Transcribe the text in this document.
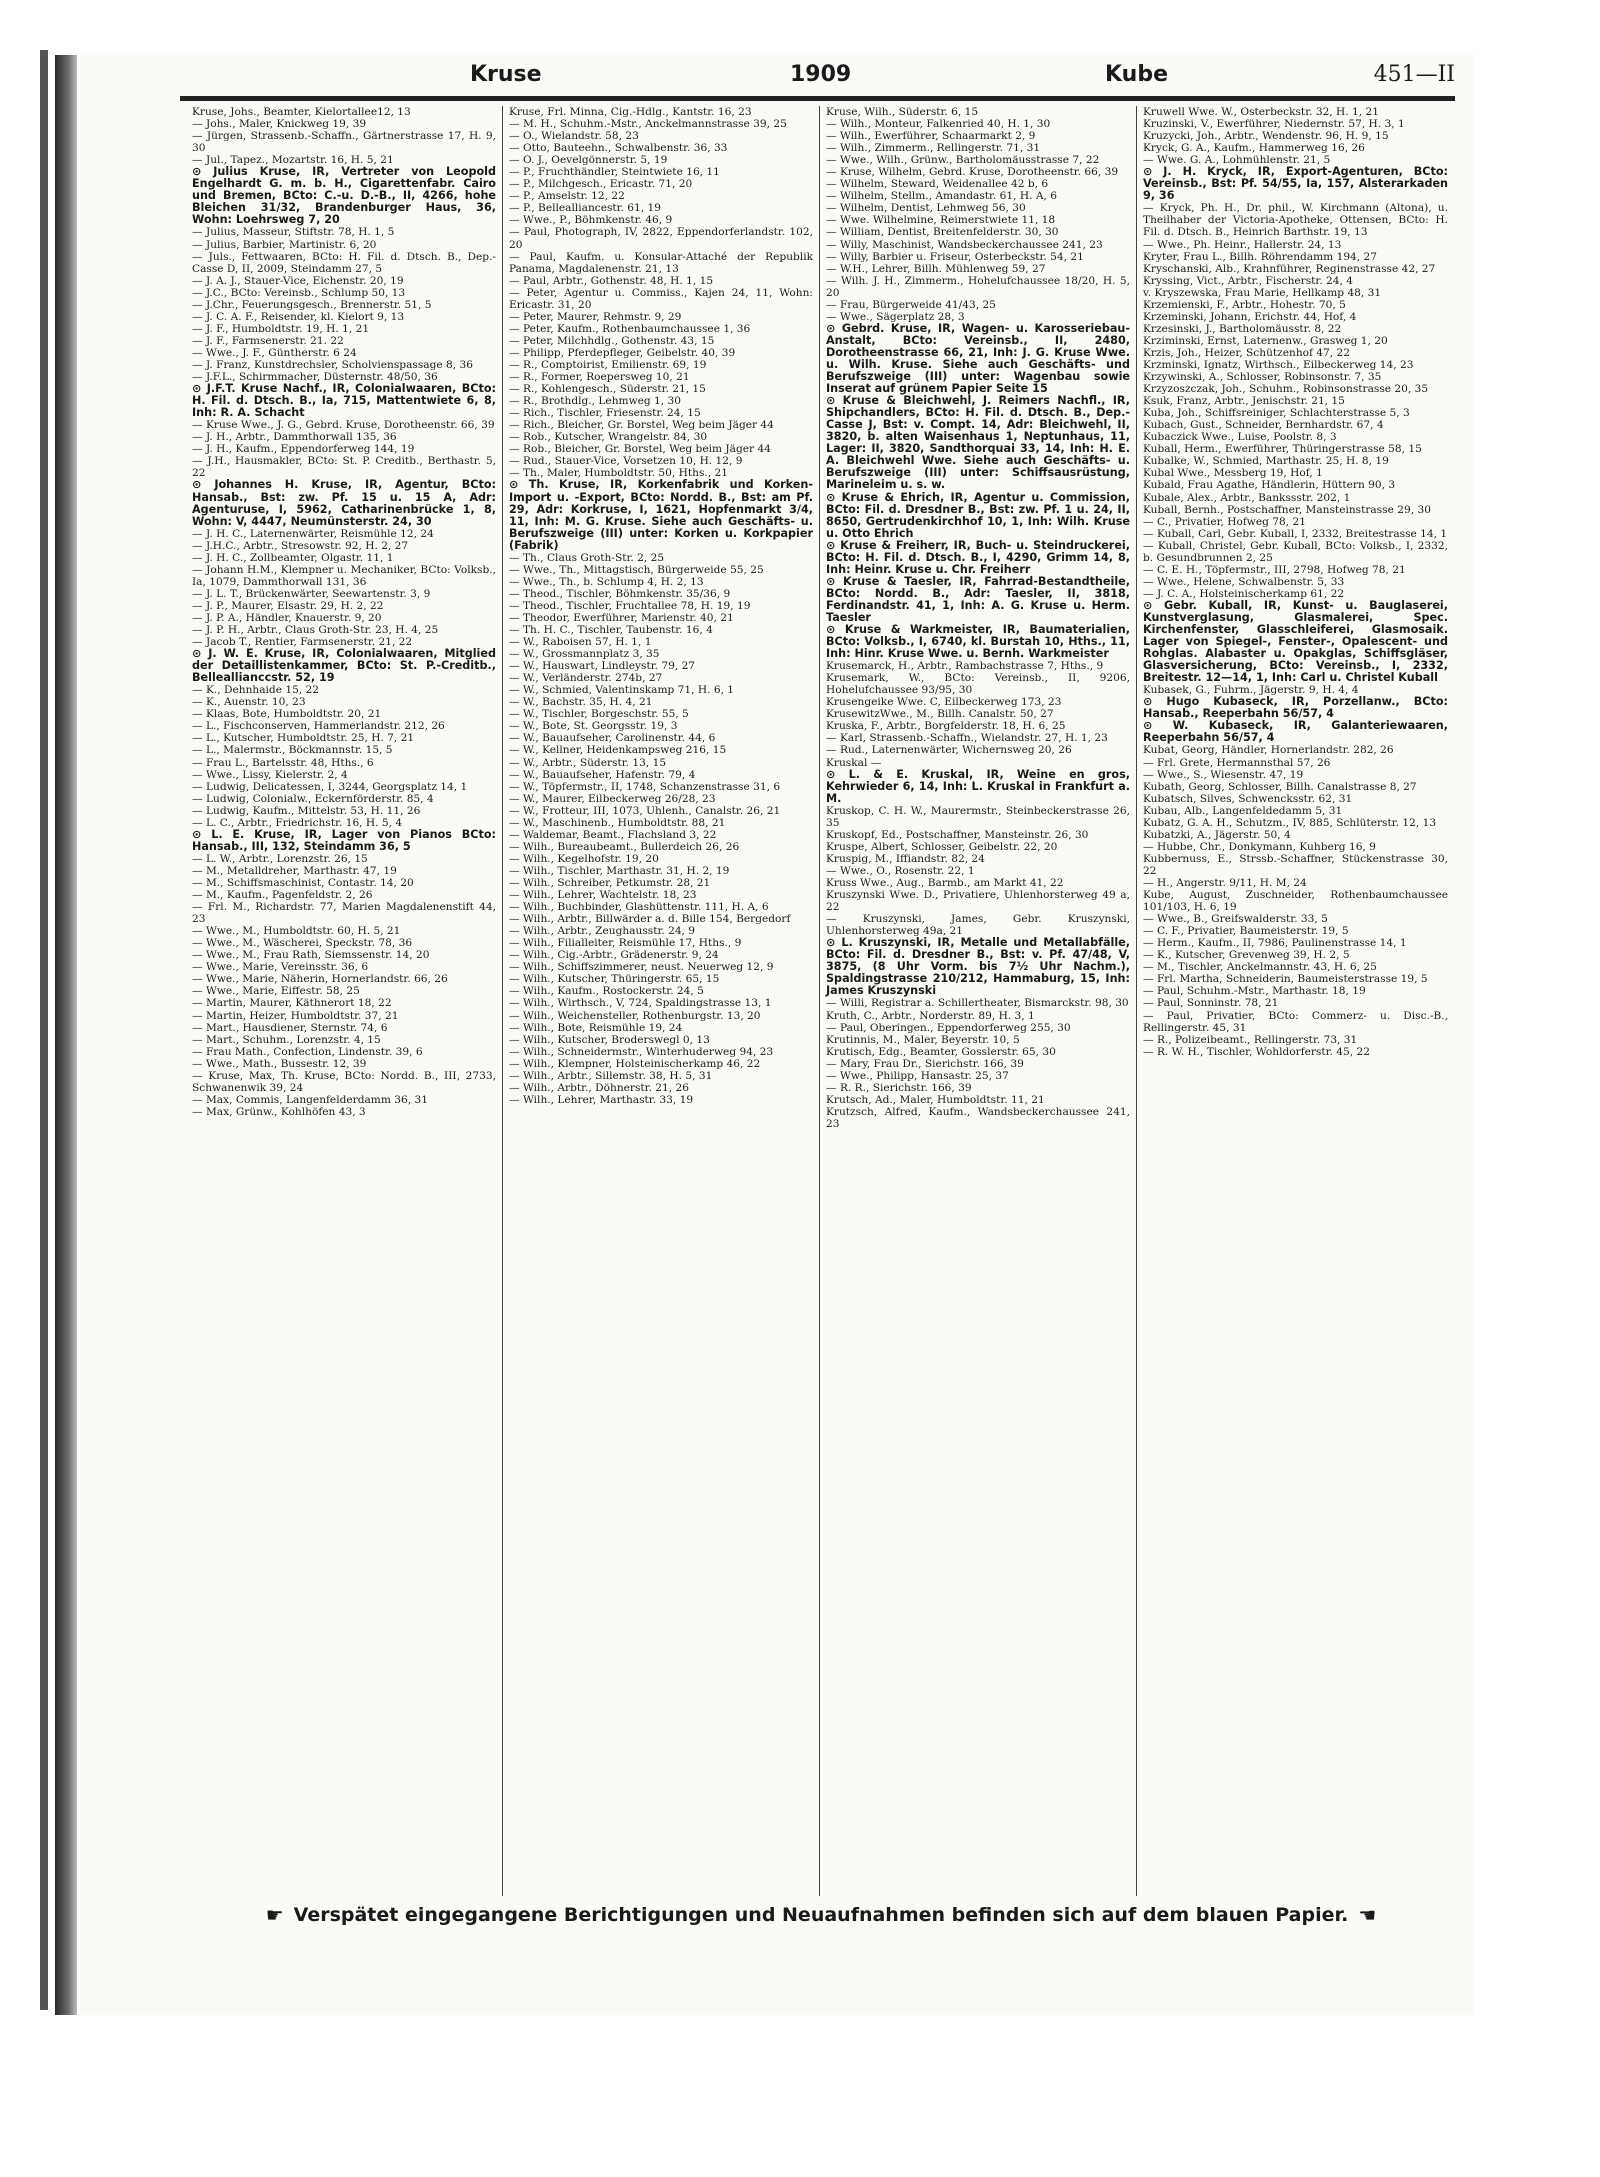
Kruse	1909	Kube	451—II

Kruse, Johs., Beamter, Kielortallee12, 13

— Johs., Maler, Knickweg 19, 39

— Jürgen, Strassenb.-Schaffn., Gärtnerstrasse 17, H. 9, 30

— Jul., Tapez., Mozartstr. 16, H. 5, 21

⊙ Julius Kruse, IR, Vertreter von Leopold Engelhardt G. m. b. H., Cigarettenfabr. Cairo und Bremen, BCto: C.-u. D.-B., II, 4266, hohe Bleichen 31/32, Brandenburger Haus, 36, Wohn: Loehrsweg 7, 20

— Julius, Masseur, Stiftstr. 78, H. 1, 5

— Julius, Barbier, Martinistr. 6, 20

— Juls., Fettwaaren, BCto: H. Fil. d. Dtsch. B., Dep.-Casse D, II, 2009, Steindamm 27, 5

— J. A. J., Stauer-Vice, Eichenstr. 20, 19

— J.C., BCto: Vereinsb., Schlump 50, 13

— J.Chr., Feuerungsgesch., Brennerstr. 51, 5

— J. C. A. F., Reisender, kl. Kielort 9, 13

— J. F., Humboldtstr. 19, H. 1, 21

— J. F., Farmsenerstr. 21. 22

— Wwe., J. F., Güntherstr. 6 24

— J. Franz, Kunstdrechsler, Scholvienspassage 8, 36

— J.F.L., Schirmmacher, Düsternstr. 48/50, 36

⊙ J.F.T. Kruse Nachf., IR, Colonialwaaren, BCto: H. Fil. d. Dtsch. B., Ia, 715, Mattentwiete 6, 8, Inh: R. A. Schacht

— Kruse Wwe., J. G., Gebrd. Kruse, Dorotheenstr. 66, 39

— J. H., Arbtr., Dammthorwall 135, 36

— J. H., Kaufm., Eppendorferweg 144, 19

— J.H., Hausmakler, BCto: St. P. Creditb., Berthastr. 5, 22

⊙ Johannes H. Kruse, IR, Agentur, BCto: Hansab., Bst: zw. Pf. 15 u. 15 A, Adr: Agenturuse, I, 5962, Catharinenbrücke 1, 8, Wohn: V, 4447, Neumünsterstr. 24, 30

— J. H. C., Laternenwärter, Reismühle 12, 24

— J.H.C., Arbtr., Stresowstr. 92, H. 2, 27

— J. H. C., Zollbeamter, Olgastr. 11, 1

— Johann H.M., Klempner u. Mechaniker, BCto: Volksb., Ia, 1079, Dammthorwall 131, 36

— J. L. T., Brückenwärter, Seewartenstr. 3, 9

— J. P., Maurer, Elsastr. 29, H. 2, 22

— J. P. A., Händler, Knauerstr. 9, 20

— J. P. H., Arbtr., Claus Groth-Str. 23, H. 4, 25

— Jacob T., Rentier, Farmsenerstr. 21, 22

⊙ J. W. E. Kruse, IR, Colonialwaaren, Mitglied der Detaillistenkammer, BCto: St. P.-Creditb., Belleallianccstr. 52, 19

— K., Dehnhaide 15, 22

— K., Auenstr. 10, 23

— Klaas, Bote, Humboldtstr. 20, 21

— L., Fischconserven, Hammerlandstr. 212, 26

— L., Kutscher, Humboldtstr. 25, H. 7, 21

— L., Malermstr., Böckmannstr. 15, 5

— Frau L., Bartelsstr. 48, Hths., 6

— Wwe., Lissy, Kielerstr. 2, 4

— Ludwig, Delicatessen, I, 3244, Georgsplatz 14, 1

— Ludwig, Colonialw., Eckernförderstr. 85, 4

— Ludwig, Kaufm., Mittelstr. 53, H. 11, 26

— L. C., Arbtr., Friedrichstr. 16, H. 5, 4

⊙ L. E. Kruse, IR, Lager von Pianos BCto: Hansab., III, 132, Steindamm 36, 5

— L. W., Arbtr., Lorenzstr. 26, 15

— M., Metalldreher, Marthastr. 47, 19

— M., Schiffsmaschinist, Contastr. 14, 20

— M., Kaufm., Pagenfeldstr. 2, 26

— Frl. M., Richardstr. 77, Marien Magdalenenstift 44, 23

— Wwe., M., Humboldtstr. 60, H. 5, 21

— Wwe., M., Wäscherei, Speckstr. 78, 36

— Wwe., M., Frau Rath, Siemssenstr. 14, 20

— Wwe., Marie, Vereinsstr. 36, 6

— Wwe., Marie, Näherin, Hornerlandstr. 66, 26

— Wwe., Marie, Eiffestr. 58, 25

— Martin, Maurer, Käthnerort 18, 22

— Martin, Heizer, Humboldtstr. 37, 21

— Mart., Hausdiener, Sternstr. 74, 6

— Mart., Schuhm., Lorenzstr. 4, 15

— Frau Math., Confection, Lindenstr. 39, 6

— Wwe., Math., Bussestr. 12, 39

— Kruse, Max, Th. Kruse, BCto: Nordd. B., III, 2733, Schwanenwik 39, 24

— Max, Commis, Langenfelderdamm 36, 31

— Max, Grünw., Kohlhöfen 43, 3

Kruse, Frl. Minna, Cig.-Hdlg., Kantstr. 16, 23

— M. H., Schuhm.-Mstr., Anckelmannstrasse 39, 25

— O., Wielandstr. 58, 23

— Otto, Bauteehn., Schwalbenstr. 36, 33

— O. J., Oevelgönnerstr. 5, 19

— P., Fruchthändler, Steintwiete 16, 11

— P., Milchgesch., Ericastr. 71, 20

— P., Amselstr. 12, 22

— P., Bellealliancestr. 61, 19

— Wwe., P., Böhmkenstr. 46, 9

— Paul, Photograph, IV, 2822, Eppendorferlandstr. 102, 20

— Paul, Kaufm. u. Konsular-Attaché der Republik Panama, Magdalenenstr. 21, 13

— Paul, Arbtr., Gothenstr. 48, H. 1, 15

— Peter, Agentur u. Commiss., Kajen 24, 11, Wohn: Ericastr. 31, 20

— Peter, Maurer, Rehmstr. 9, 29

— Peter, Kaufm., Rothenbaumchaussee 1, 36

— Peter, Milchhdlg., Gothenstr. 43, 15

— Philipp, Pferdepfleger, Geibelstr. 40, 39

— R., Comptoirist, Emilienstr. 69, 19

— R., Former, Roepersweg 10, 21

— R., Kohlengesch., Süderstr. 21, 15

— R., Brothdlg., Lehmweg 1, 30

— Rich., Tischler, Friesenstr. 24, 15

— Rich., Bleicher, Gr. Borstel, Weg beim Jäger 44

— Rob., Kutscher, Wrangelstr. 84, 30

— Rob., Bleicher, Gr. Borstel, Weg beim Jäger 44

— Rud., Stauer-Vice, Vorsetzen 10, H. 12, 9

— Th., Maler, Humboldtstr. 50, Hths., 21

⊙ Th. Kruse, IR, Korkenfabrik und Korken-Import u. -Export, BCto: Nordd. B., Bst: am Pf. 29, Adr: Korkruse, I, 1621, Hopfenmarkt 3/4, 11, Inh: M. G. Kruse. Siehe auch Geschäfts- u. Berufszweige (III) unter: Korken u. Korkpapier (Fabrik)

— Th., Claus Groth-Str. 2, 25

— Wwe., Th., Mittagstisch, Bürgerweide 55, 25

— Wwe., Th., b. Schlump 4, H. 2, 13

— Theod., Tischler, Böhmkenstr. 35/36, 9

— Theod., Tischler, Fruchtallee 78, H. 19, 19

— Theodor, Ewerführer, Marienstr. 40, 21

— Th. H. C., Tischler, Taubenstr. 16, 4

— W., Raboisen 57, H. 1, 1

— W., Grossmannplatz 3, 35

— W., Hauswart, Lindleystr. 79, 27

— W., Verländerstr. 274b, 27

— W., Schmied, Valentinskamp 71, H. 6, 1

— W., Bachstr. 35, H. 4, 21

— W., Tischler, Borgeschstr. 55, 5

— W., Bote, St. Georgsstr. 19, 3

— W., Bauaufseher, Carolinenstr. 44, 6

— W., Kellner, Heidenkampsweg 216, 15

— W., Arbtr., Süderstr. 13, 15

— W., Bauaufseher, Hafenstr. 79, 4

— W., Töpfermstr., II, 1748, Schanzenstrasse 31, 6

— W., Maurer, Eilbeckerweg 26/28, 23

— W., Frotteur, III, 1073, Uhlenh., Canalstr. 26, 21

— W., Maschinenb., Humboldtstr. 88, 21

— Waldemar, Beamt., Flachsland 3, 22

— Wilh., Bureaubeamt., Bullerdeich 26, 26

— Wilh., Kegelhofstr. 19, 20

— Wilh., Tischler, Marthastr. 31, H. 2, 19

— Wilh., Schreiber, Petkumstr. 28, 21

— Wilh., Lehrer, Wachtelstr. 18, 23

— Wilh., Buchbinder, Glashüttenstr. 111, H. A, 6

— Wilh., Arbtr., Billwärder a. d. Bille 154, Bergedorf

— Wilh., Arbtr., Zeughausstr. 24, 9

— Wilh., Filialleiter, Reismühle 17, Hths., 9

— Wilh., Cig.-Arbtr., Grädenerstr. 9, 24

— Wilh., Schiffszimmerer, neust. Neuerweg 12, 9

— Wilh., Kutscher, Thüringerstr. 65, 15

— Wilh., Kaufm., Rostockerstr. 24, 5

— Wilh., Wirthsch., V, 724, Spaldingstrasse 13, 1

— Wilh., Weichensteller, Rothenburgstr. 13, 20

— Wilh., Bote, Reismühle 19, 24

— Wilh., Kutscher, Broderswegl 0, 13

— Wilh., Schneidermstr., Winterhuderweg 94, 23

— Wilh., Klempner, Holsteinischerkamp 46, 22

— Wilh., Arbtr., Sillemstr. 38, H. 5, 31

— Wilh., Arbtr., Döhnerstr. 21, 26

— Wilh., Lehrer, Marthastr. 33, 19

Kruse, Wilh., Süderstr. 6, 15

— Wilh., Monteur, Falkenried 40, H. 1, 30

— Wilh., Ewerführer, Schaarmarkt 2, 9

— Wilh., Zimmerm., Rellingerstr. 71, 31

— Wwe., Wilh., Grünw., Bartholomäusstrasse 7, 22

— Kruse, Wilhelm, Gebrd. Kruse, Dorotheenstr. 66, 39

— Wilhelm, Steward, Weidenallee 42 b, 6

— Wilhelm, Stellm., Amandastr. 61, H. A, 6

— Wilhelm, Dentist, Lehmweg 56, 30

— Wwe. Wilhelmine, Reimerstwiete 11, 18

— William, Dentist, Breitenfelderstr. 30, 30

— Willy, Maschinist, Wandsbeckerchaussee 241, 23

— Willy, Barbier u. Friseur, Osterbeckstr. 54, 21

— W.H., Lehrer, Billh. Mühlenweg 59, 27

— Wilh. J. H., Zimmerm., Hohelufchaussee 18/20, H. 5, 20

— Frau, Bürgerweide 41/43, 25

— Wwe., Sägerplatz 28, 3

⊙ Gebrd. Kruse, IR, Wagen- u. Karosseriebau-Anstalt, BCto: Vereinsb., II, 2480, Dorotheenstrasse 66, 21, Inh: J. G. Kruse Wwe. u. Wilh. Kruse. Siehe auch Geschäfts- und Berufszweige (III) unter: Wagenbau sowie Inserat auf grünem Papier Seite 15

⊙ Kruse & Bleichwehl, J. Reimers Nachfl., IR, Shipchandlers, BCto: H. Fil. d. Dtsch. B., Dep.-Casse J, Bst: v. Compt. 14, Adr: Bleichwehl, II, 3820, b. alten Waisenhaus 1, Neptunhaus, 11, Lager: II, 3820, Sandthorquai 33, 14, Inh: H. E. A. Bleichwehl Wwe. Siehe auch Geschäfts- u. Berufszweige (III) unter: Schiffsausrüstung, Marineleim u. s. w.

⊙ Kruse & Ehrich, IR, Agentur u. Commission, BCto: Fil. d. Dresdner B., Bst: zw. Pf. 1 u. 24, II, 8650, Gertrudenkirchhof 10, 1, Inh: Wilh. Kruse u. Otto Ehrich

⊙ Kruse & Freiherr, IR, Buch- u. Steindruckerei, BCto: H. Fil. d. Dtsch. B., I, 4290, Grimm 14, 8, Inh: Heinr. Kruse u. Chr. Freiherr

⊙ Kruse & Taesler, IR, Fahrrad-Bestandtheile, BCto: Nordd. B., Adr: Taesler, II, 3818, Ferdinandstr. 41, 1, Inh: A. G. Kruse u. Herm. Taesler

⊙ Kruse & Warkmeister, IR, Baumaterialien, BCto: Volksb., I, 6740, kl. Burstah 10, Hths., 11, Inh: Hinr. Kruse Wwe. u. Bernh. Warkmeister

Krusemarck, H., Arbtr., Rambachstrasse 7, Hths., 9

Krusemark, W., BCto: Vereinsb., II, 9206, Hohelufchaussee 93/95, 30

Krusengeike Wwe. C, Eilbeckerweg 173, 23

KrusewitzWwe., M., Billh. Canalstr. 50, 27

Kruska, F., Arbtr., Borgfelderstr. 18, H. 6, 25

— Karl, Strassenb.-Schaffn., Wielandstr. 27, H. 1, 23

— Rud., Laternenwärter, Wichernsweg 20, 26

Kruskal —

⊙ L. & E. Kruskal, IR, Weine en gros, Kehrwieder 6, 14, Inh: L. Kruskal in Frankfurt a. M.

Kruskop, C. H. W., Maurermstr., Steinbeckerstrasse 26, 35

Kruskopf, Ed., Postschaffner, Mansteinstr. 26, 30

Kruspe, Albert, Schlosser, Geibelstr. 22, 20

Kruspig, M., Iffiandstr. 82, 24

— Wwe., O., Rosenstr. 22, 1

Kruss Wwe., Aug., Barmb., am Markt 41, 22

Kruszynski Wwe. D., Privatiere, Uhlenhorsterweg 49 a, 22

— Kruszynski, James, Gebr. Kruszynski, Uhlenhorsterweg 49a, 21

⊙ L. Kruszynski, IR, Metalle und Metallabfälle, BCto: Fil. d. Dresdner B., Bst: v. Pf. 47/48, V, 3875, (8 Uhr Vorm. bis 7½ Uhr Nachm.), Spaldingstrasse 210/212, Hammaburg, 15, Inh: James Kruszynski

— Willi, Registrar a. Schillertheater, Bismarckstr. 98, 30

Kruth, C., Arbtr., Norderstr. 89, H. 3, 1

— Paul, Oberingen., Eppendorferweg 255, 30

Krutinnis, M., Maler, Beyerstr. 10, 5

Krutisch, Edg., Beamter, Gosslerstr. 65, 30

— Mary, Frau Dr., Sierichstr. 166, 39

— Wwe., Philipp, Hansastr. 25, 37

— R. R., Sierichstr. 166, 39

Krutsch, Ad., Maler, Humboldtstr. 11, 21

Krutzsch, Alfred, Kaufm., Wandsbeckerchaussee 241, 23

Kruwell Wwe. W., Osterbeckstr. 32, H. 1, 21

Kruzinski, V., Ewerführer, Niedernstr. 57, H. 3, 1

Kruzycki, Joh., Arbtr., Wendenstr. 96, H. 9, 15

Kryck, G. A., Kaufm., Hammerweg 16, 26

— Wwe. G. A., Lohmühlenstr. 21, 5

⊙ J. H. Kryck, IR, Export-Agenturen, BCto: Vereinsb., Bst: Pf. 54/55, Ia, 157, Alsterarkaden 9, 36

— Kryck, Ph. H., Dr. phil., W. Kirchmann (Altona), u. Theilhaber der Victoria-Apotheke, Ottensen, BCto: H. Fil. d. Dtsch. B., Heinrich Barthstr. 19, 13

— Wwe., Ph. Heinr., Hallerstr. 24, 13

Kryter, Frau L., Billh. Röhrendamm 194, 27

Kryschanski, Alb., Krahnführer, Reginenstrasse 42, 27

Kryssing, Vict., Arbtr., Fischerstr. 24, 4

v. Kryszewska, Frau Marie, Hellkamp 48, 31

Krzemienski, F., Arbtr., Hohestr. 70, 5

Krzeminski, Johann, Erichstr. 44, Hof, 4

Krzesinski, J., Bartholomäusstr. 8, 22

Krziminski, Ernst, Laternenw., Grasweg 1, 20

Krzis, Joh., Heizer, Schützenhof 47, 22

Krzminski, Ignatz, Wirthsch., Eilbeckerweg 14, 23

Krzywinski, A., Schlosser, Robinsonstr. 7, 35

Krzyzoszczak, Joh., Schuhm., Robinsonstrasse 20, 35

Ksuk, Franz, Arbtr., Jenischstr. 21, 15

Kuba, Joh., Schiffsreiniger, Schlachterstrasse 5, 3

Kubach, Gust., Schneider, Bernhardstr. 67, 4

Kubaczick Wwe., Luise, Poolstr. 8, 3

Kuball, Herm., Ewerführer, Thüringerstrasse 58, 15

Kubalke, W., Schmied, Marthastr. 25, H. 8, 19

Kubal Wwe., Messberg 19, Hof, 1

Kubald, Frau Agathe, Händlerin, Hüttern 90, 3

Kubale, Alex., Arbtr., Bankssstr. 202, 1

Kuball, Bernh., Postschaffner, Mansteinstrasse 29, 30

— C., Privatier, Hofweg 78, 21

— Kuball, Carl, Gebr. Kuball, I, 2332, Breitestrasse 14, 1

— Kuball, Christel, Gebr. Kuball, BCto: Volksb., I, 2332, b. Gesundbrunnen 2, 25

— C. E. H., Töpfermstr., III, 2798, Hofweg 78, 21

— Wwe., Helene, Schwalbenstr. 5, 33

— J. C. A., Holsteinischerkamp 61, 22

⊙ Gebr. Kuball, IR, Kunst- u. Bauglaserei, Kunstverglasung, Glasmalerei, Spec. Kirchenfenster, Glasschleiferei, Glasmosaik. Lager von Spiegel-, Fenster-, Opalescent- und Rohglas. Alabaster u. Opakglas, Schiffsgläser, Glasversicherung, BCto: Vereinsb., I, 2332, Breitestr. 12—14, 1, Inh: Carl u. Christel Kuball

Kubasek, G., Fuhrm., Jägerstr. 9, H. 4, 4

⊙ Hugo Kubaseck, IR, Porzellanw., BCto: Hansab., Reeperbahn 56/57, 4

⊙ W. Kubaseck, IR, Galanteriewaaren, Reeperbahn 56/57, 4

Kubat, Georg, Händler, Hornerlandstr. 282, 26

— Frl. Grete, Hermannsthal 57, 26

— Wwe., S., Wiesenstr. 47, 19

Kubath, Georg, Schlosser, Billh. Canalstrasse 8, 27

Kubatsch, Silves, Schwencksstr. 62, 31

Kubau, Alb., Langenfeldedamm 5, 31

Kubatz, G. A. H., Schutzm., IV, 885, Schlüterstr. 12, 13

Kubatzki, A., Jägerstr. 50, 4

— Hubbe, Chr., Donkymann, Kuhberg 16, 9

Kubbernuss, E., Strssb.-Schaffner, Stückenstrasse 30, 22

— H., Angerstr. 9/11, H. M, 24

Kube, August, Zuschneider, Rothenbaumchaussee 101/103, H. 6, 19

— Wwe., B., Greifswalderstr. 33, 5

— C. F., Privatier, Baumeisterstr. 19, 5

— Herm., Kaufm., II, 7986, Paulinenstrasse 14, 1

— K., Kutscher, Grevenweg 39, H. 2, 5

— M., Tischler, Anckelmannstr. 43, H. 6, 25

— Frl. Martha, Schneiderin, Baumeisterstrasse 19, 5

— Paul, Schuhm.-Mstr., Marthastr. 18, 19

— Paul, Sonninstr. 78, 21

— Paul, Privatier, BCto: Commerz- u. Disc.-B., Rellingerstr. 45, 31

— R., Polizeibeamt., Rellingerstr. 73, 31

— R. W. H., Tischler, Wohldorferstr. 45, 22

☛ Verspätet eingegangene Berichtigungen und Neuaufnahmen befinden sich auf dem blauen Papier. ☚
